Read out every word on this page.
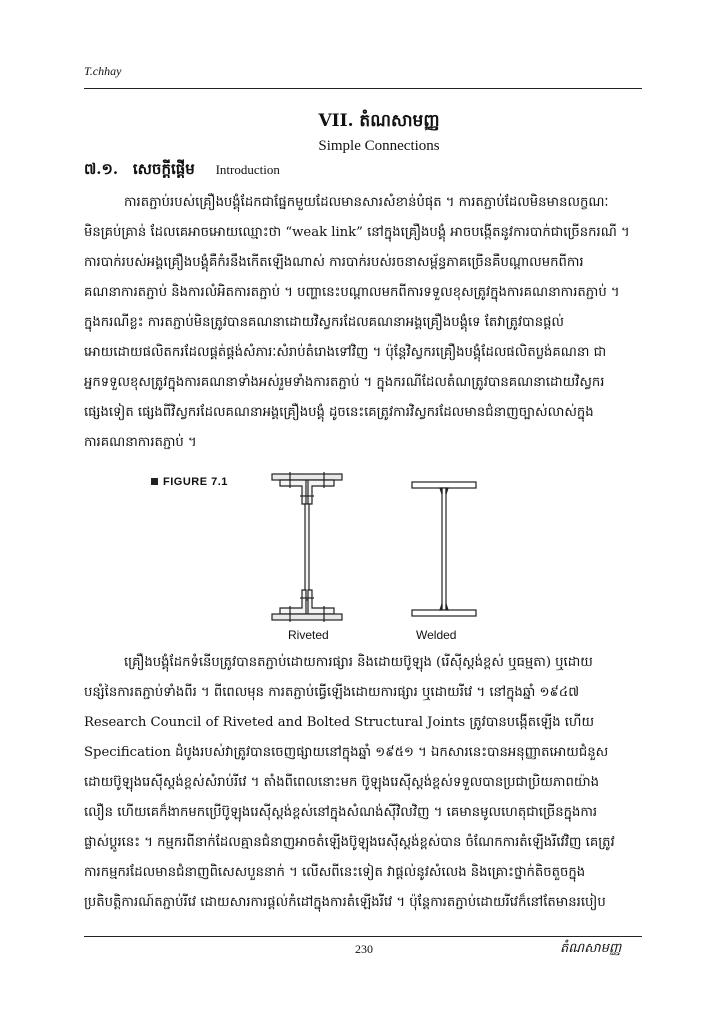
T.chhay
VII. តំណសាមញ្ញ
Simple Connections
៧.១. សេចក្តីផ្តើម Introduction
ការតភ្ជាប់របស់គ្រឿងបង្គុំដែកជាផ្នែកមួយដែលមានសារសំខាន់បំផុត ។ ការតភ្ជាប់ដែលមិនមានលក្ខណៈ
មិនគ្រប់គ្រាន់ ដែលគេអាចអោយឈ្មោះថា “weak link” នៅក្នុងគ្រឿងបង្គុំ អាចបង្កើតនូវការបាក់ជាច្រើនករណី ។
ការបាក់របស់អង្គគ្រឿងបង្គុំគឺកំរនឹងកើតឡើងណាស់ ការបាក់របស់រចនាសម្ព័ន្ធភាគច្រើនគឺបណ្តាលមកពីការ
គណនាការតភ្ជាប់ និងការលំអិតការតភ្ជាប់ ។ បញ្ហានេះបណ្តាលមកពីការទទួលខុសត្រូវក្នុងការគណនាការតភ្ជាប់ ។
ក្នុងករណីខ្លះ ការតភ្ជាប់មិនត្រូវបានគណនាដោយវិស្វករដែលគណនាអង្គគ្រឿងបង្គុំទេ តែវាត្រូវបានផ្តល់
អោយដោយផលិតករដែលផ្គត់ផ្គង់សំភារៈសំរាប់តំរោងទៅវិញ ។ ប៉ុន្តែវិស្វករគ្រឿងបង្គុំដែលផលិតប្លង់គណនា ជា
អ្នកទទួលខុសត្រូវក្នុងការគណនាទាំងអស់រួមទាំងការតភ្ជាប់ ។ ក្នុងករណីដែលតំណត្រូវបានគណនាដោយវិស្វករ
ផ្សេងទៀត ផ្សេងពីវិស្វករដែលគណនាអង្គគ្រឿងបង្គុំ ដូចនេះគេត្រូវការវិស្វករដែលមានជំនាញច្បាស់លាស់ក្នុង
ការគណនាការតភ្ជាប់ ។
FIGURE 7.1
Riveted	Welded
គ្រឿងបង្គុំដែកទំនើបត្រូវបានតភ្ជាប់ដោយការផ្សារ និងដោយប៊ូឡុង (រើស៊ីស្តង់ខ្ពស់ ឬធម្មតា) ឬដោយ
បន្សំនៃការតភ្ជាប់ទាំងពីរ ។ ពីពេលមុន ការតភ្ជាប់ធ្វើឡើងដោយការផ្សារ ឬដោយរីវេ ។ នៅក្នុងឆ្នាំ ១៩៤៧
Research Council of Riveted and Bolted Structural Joints ត្រូវបានបង្កើតឡើង ហើយ
Specification ដំបូងរបស់វាត្រូវបានចេញផ្សាយនៅក្នុងឆ្នាំ ១៩៥១ ។ ឯកសារនេះបានអនុញ្ញាតអោយជំនួស
ដោយប៊ូឡុងរេស៊ីស្តង់ខ្ពស់សំរាប់រីវេ ។ តាំងពីពេលនោះមក ប៊ូឡុងរេស៊ីស្តង់ខ្ពស់ទទួលបានប្រជាប្រិយភាពយ៉ាង
លឿន ហើយគេក៏ងាកមកប្រើប៊ូឡុងរេស៊ីស្តង់ខ្ពស់នៅក្នុងសំណង់ស៊ីវិលវិញ ។ គេមានមូលហេតុជាច្រើនក្នុងការ
ផ្លាស់ប្តូរនេះ ។ កម្មករពីនាក់ដែលគ្មានជំនាញអាចតំឡើងប៊ូឡុងរេស៊ីស្តង់ខ្ពស់បាន ចំណែកការតំឡើងរីវេវិញ គេត្រូវ
ការកម្មករដែលមានជំនាញពិសេសបួននាក់ ។ លើសពីនេះទៀត វាផ្តល់នូវសំលេង និងគ្រោះថ្នាក់តិចតួចក្នុង
ប្រតិបត្តិការណ៍តភ្ជាប់រីវេ ដោយសារការផ្តល់កំដៅក្នុងការតំឡើងរីវេ ។ ប៉ុន្តែការតភ្ជាប់ដោយរីវេក៏នៅតែមានរបៀប
230	តំណសាមញ្ញ
